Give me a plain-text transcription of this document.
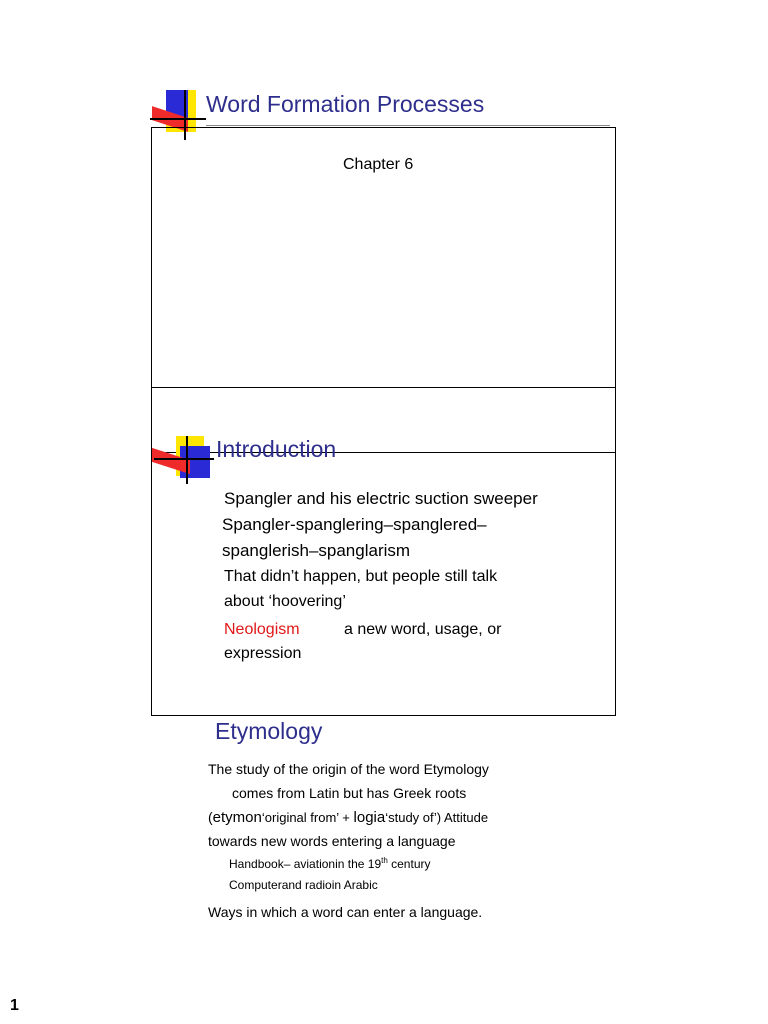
Word Formation Processes
Chapter 6
Introduction
Spangler and his electric suction sweeper
Spangler-spanglering–spanglered–
spanglerish–spanglarism
That didn’t happen, but people still talk
about ‘hoovering’
Neologism	a new word, usage, or
expression
Etymology
The study of the origin of the word Etymology
comes from Latin but has Greek roots
(etymon‘original from’ + logia‘study of’) Attitude
towards new words entering a language
Handbook– aviationin the 19th century
Computerand radioin Arabic
Ways in which a word can enter a language.
1
